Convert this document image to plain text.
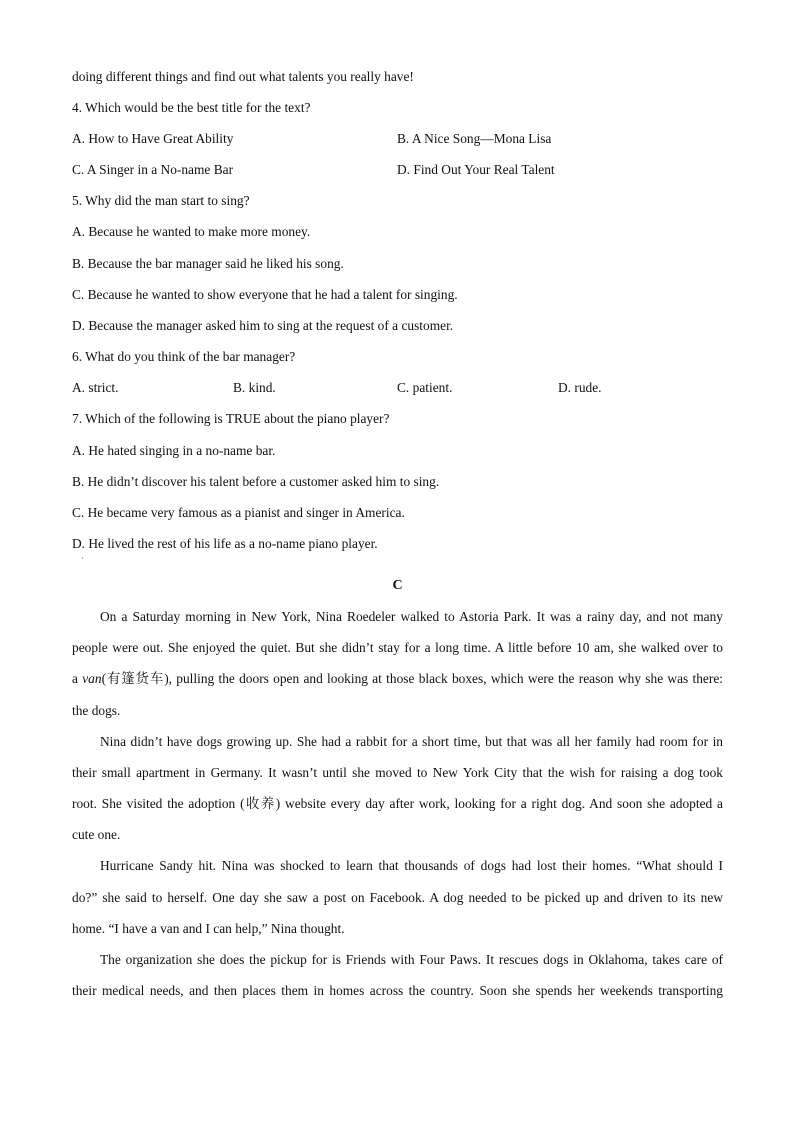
doing different things and find out what talents you really have!
4. Which would be the best title for the text?
A. How to Have Great Ability	B. A Nice Song—Mona Lisa
C. A Singer in a No-name Bar	D. Find Out Your Real Talent
5. Why did the man start to sing?
A. Because he wanted to make more money.
B. Because the bar manager said he liked his song.
C. Because he wanted to show everyone that he had a talent for singing.
D. Because the manager asked him to sing at the request of a customer.
6. What do you think of the bar manager?
A. strict.	B. kind.	C. patient.	D. rude.
7. Which of the following is TRUE about the piano player?
A. He hated singing in a no-name bar.
B. He didn’t discover his talent before a customer asked him to sing.
C. He became very famous as a pianist and singer in America.
D. He lived the rest of his life as a no-name piano player.
·
C
On a Saturday morning in New York, Nina Roedeler walked to Astoria Park. It was a rainy day, and not many
people were out. She enjoyed the quiet. But she didn’t stay for a long time. A little before 10 am, she walked over to
a van(有篷货车), pulling the doors open and looking at those black boxes, which were the reason why she was there:
the dogs.
Nina didn’t have dogs growing up. She had a rabbit for a short time, but that was all her family had room for in
their small apartment in Germany. It wasn’t until she moved to New York City that the wish for raising a dog took
root. She visited the adoption (收养) website every day after work, looking for a right dog. And soon she adopted a
cute one.
Hurricane Sandy hit. Nina was shocked to learn that thousands of dogs had lost their homes. “What should I
do?” she said to herself. One day she saw a post on Facebook. A dog needed to be picked up and driven to its new
home. “I have a van and I can help,” Nina thought.
The organization she does the pickup for is Friends with Four Paws. It rescues dogs in Oklahoma, takes care of
their medical needs, and then places them in homes across the country. Soon she spends her weekends transporting
